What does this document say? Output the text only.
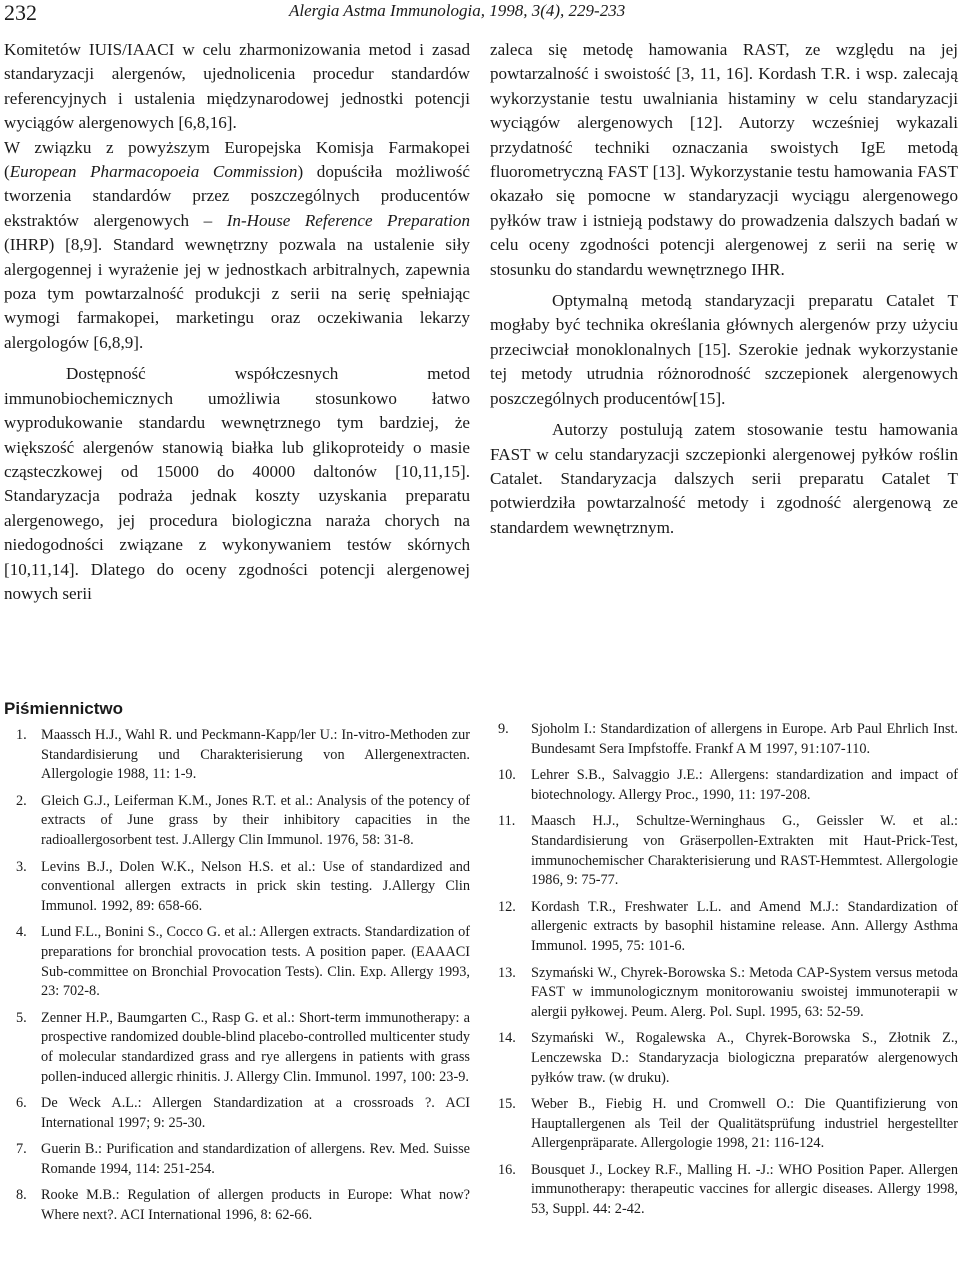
232	Alergia Astma Immunologia, 1998, 3(4), 229-233

Komitetów IUIS/IAACI w celu zharmonizowania metod i zasad standaryzacji alergenów, ujednolicenia procedur standardów referencyjnych i ustalenia międzynarodowej jednostki potencji wyciągów alergenowych [6,8,16].

W związku z powyższym Europejska Komisja Farmakopei (European Pharmacopoeia Commission) dopuściła możliwość tworzenia standardów przez poszczególnych producentów ekstraktów alergenowych – In-House Reference Preparation (IHRP) [8,9]. Standard wewnętrzny pozwala na ustalenie siły alergogennej i wyrażenie jej w jednostkach arbitralnych, zapewnia poza tym powtarzalność produkcji z serii na serię spełniając wymogi farmakopei, marketingu oraz oczekiwania lekarzy alergologów [6,8,9].

Dostępność współczesnych metod immunobiochemicznych umożliwia stosunkowo łatwo wyprodukowanie standardu wewnętrznego tym bardziej, że większość alergenów stanowią białka lub glikoproteidy o masie cząsteczkowej od 15000 do 40000 daltonów [10,11,15]. Standaryzacja podraża jednak koszty uzyskania preparatu alergenowego, jej procedura biologiczna naraża chorych na niedogodności związane z wykonywaniem testów skórnych [10,11,14]. Dlatego do oceny zgodności potencji alergenowej nowych serii

zaleca się metodę hamowania RAST, ze względu na jej powtarzalność i swoistość [3, 11, 16]. Kordash T.R. i wsp. zalecają wykorzystanie testu uwalniania histaminy w celu standaryzacji wyciągów alergenowych [12]. Autorzy wcześniej wykazali przydatność techniki oznaczania swoistych IgE metodą fluorometryczną FAST [13]. Wykorzystanie testu hamowania FAST okazało się pomocne w standaryzacji wyciągu alergenowego pyłków traw i istnieją podstawy do prowadzenia dalszych badań w celu oceny zgodności potencji alergenowej z serii na serię w stosunku do standardu wewnętrznego IHR.

Optymalną metodą standaryzacji preparatu Catalet T mogłaby być technika określania głównych alergenów przy użyciu przeciwciał monoklonalnych [15]. Szerokie jednak wykorzystanie tej metody utrudnia różnorodność szczepionek alergenowych poszczególnych producentów[15].

Autorzy postulują zatem stosowanie testu hamowania FAST w celu standaryzacji szczepionki alergenowej pyłków roślin Catalet. Standaryzacja dalszych serii preparatu Catalet T potwierdziła powtarzalność metody i zgodność alergenową ze standardem wewnętrznym.

Piśmiennictwo
1. Maassch H.J., Wahl R. und Peckmann-Kapp/ler U.: In-vitro-Methoden zur Standardisierung und Charakterisierung von Allergenextracten. Allergologie 1988, 11: 1-9.
2. Gleich G.J., Leiferman K.M., Jones R.T. et al.: Analysis of the potency of extracts of June grass by their inhibitory capacities in the radioallergosorbent test. J.Allergy Clin Immunol. 1976, 58: 31-8.
3. Levins B.J., Dolen W.K., Nelson H.S. et al.: Use of standardized and conventional allergen extracts in prick skin testing. J.Allergy Clin Immunol. 1992, 89: 658-66.
4. Lund F.L., Bonini S., Cocco G. et al.: Allergen extracts. Standardization of preparations for bronchial provocation tests. A position paper. (EAAACI Sub-committee on Bronchial Provocation Tests). Clin. Exp. Allergy 1993, 23: 702-8.
5. Zenner H.P., Baumgarten C., Rasp G. et al.: Short-term immunotherapy: a prospective randomized double-blind placebo-controlled multicenter study of molecular standardized grass and rye allergens in patients with grass pollen-induced allergic rhinitis. J. Allergy Clin. Immunol. 1997, 100: 23-9.
6. De Weck A.L.: Allergen Standardization at a crossroads ?. ACI International 1997; 9: 25-30.
7. Guerin B.: Purification and standardization of allergens. Rev. Med. Suisse Romande 1994, 114: 251-254.
8. Rooke M.B.: Regulation of allergen products in Europe: What now? Where next?. ACI International 1996, 8: 62-66.
9. Sjoholm I.: Standardization of allergens in Europe. Arb Paul Ehrlich Inst. Bundesamt Sera Impfstoffe. Frankf A M 1997, 91:107-110.
10. Lehrer S.B., Salvaggio J.E.: Allergens: standardization and impact of biotechnology. Allergy Proc., 1990, 11: 197-208.
11. Maasch H.J., Schultze-Werninghaus G., Geissler W. et al.: Standardisierung von Gräserpollen-Extrakten mit Haut-Prick-Test, immunochemischer Charakterisierung und RAST-Hemmtest. Allergologie 1986, 9: 75-77.
12. Kordash T.R., Freshwater L.L. and Amend M.J.: Standardization of allergenic extracts by basophil histamine release. Ann. Allergy Asthma Immunol. 1995, 75: 101-6.
13. Szymański W., Chyrek-Borowska S.: Metoda CAP-System versus metoda FAST w immunologicznym monitorowaniu swoistej immunoterapii w alergii pyłkowej. Peum. Alerg. Pol. Supl. 1995, 63: 52-59.
14. Szymański W., Rogalewska A., Chyrek-Borowska S., Złotnik Z., Lenczewska D.: Standaryzacja biologiczna preparatów alergenowych pyłków traw. (w druku).
15. Weber B., Fiebig H. und Cromwell O.: Die Quantifizierung von Hauptallergenen als Teil der Qualitätsprüfung industriel hergestellter Allergenpräparate. Allergologie 1998, 21: 116-124.
16. Bousquet J., Lockey R.F., Malling H. -J.: WHO Position Paper. Allergen immunotherapy: therapeutic vaccines for allergic diseases. Allergy 1998, 53, Suppl. 44: 2-42.
